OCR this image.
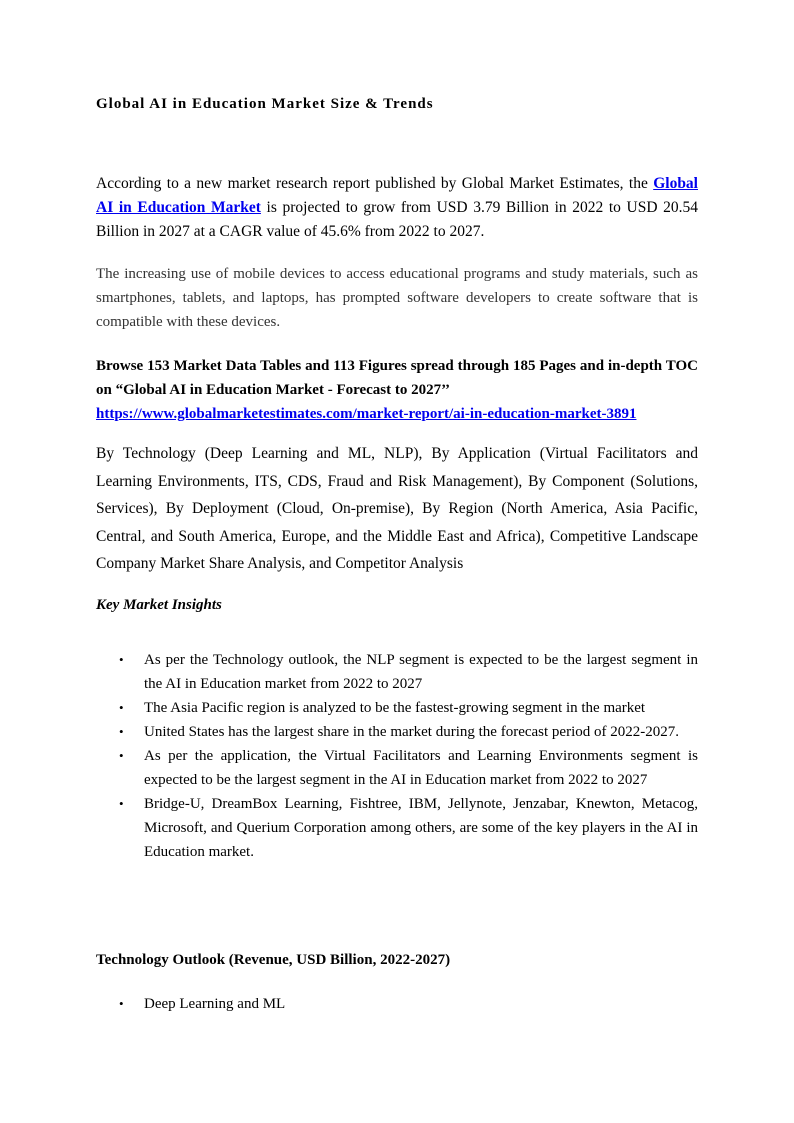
Global AI in Education Market Size & Trends

According to a new market research report published by Global Market Estimates, the Global AI in Education Market is projected to grow from USD 3.79 Billion in 2022 to USD 20.54 Billion in 2027 at a CAGR value of 45.6% from 2022 to 2027.

The increasing use of mobile devices to access educational programs and study materials, such as smartphones, tablets, and laptops, has prompted software developers to create software that is compatible with these devices.

Browse 153 Market Data Tables and 113 Figures spread through 185 Pages and in-depth TOC on “Global AI in Education Market - Forecast to 2027’’
https://www.globalmarketestimates.com/market-report/ai-in-education-market-3891

By Technology (Deep Learning and ML, NLP), By Application (Virtual Facilitators and Learning Environments, ITS, CDS, Fraud and Risk Management), By Component (Solutions, Services), By Deployment (Cloud, On-premise), By Region (North America, Asia Pacific, Central, and South America, Europe, and the Middle East and Africa), Competitive Landscape Company Market Share Analysis, and Competitor Analysis

Key Market Insights
• As per the Technology outlook, the NLP segment is expected to be the largest segment in the AI in Education market from 2022 to 2027
• The Asia Pacific region is analyzed to be the fastest-growing segment in the market
• United States has the largest share in the market during the forecast period of 2022-2027.
• As per the application, the Virtual Facilitators and Learning Environments segment is expected to be the largest segment in the AI in Education market from 2022 to 2027
• Bridge-U, DreamBox Learning, Fishtree, IBM, Jellynote, Jenzabar, Knewton, Metacog, Microsoft, and Querium Corporation among others, are some of the key players in the AI in Education market.
Technology Outlook (Revenue, USD Billion, 2022-2027)
• Deep Learning and ML
